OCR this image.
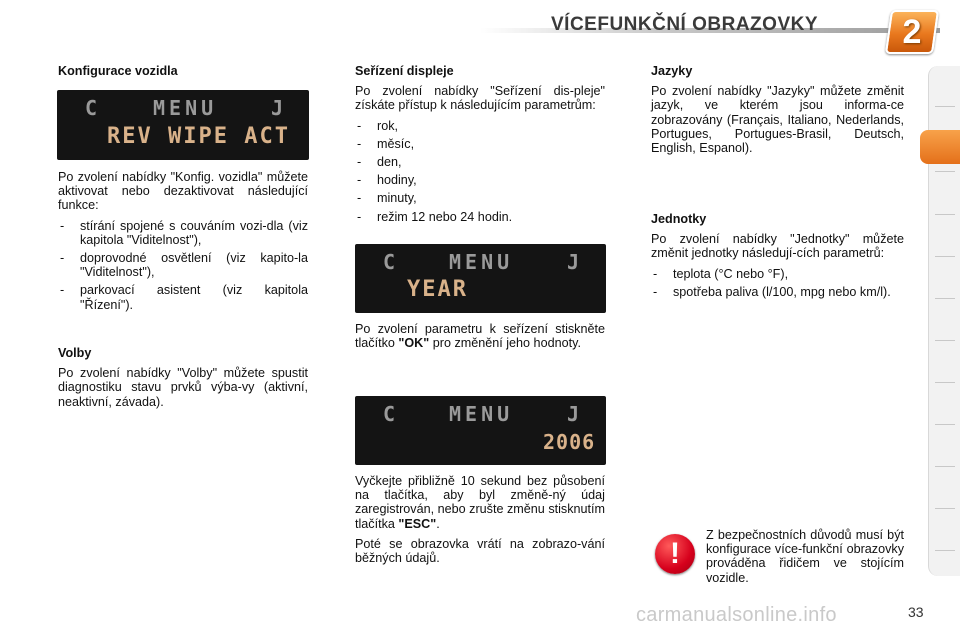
VÍCEFUNKČNÍ OBRAZOVKY	2
Konfigurace vozidla
C	MENU	J
REV WIPE ACT

Po zvolení nabídky "Konfig. vozidla" můžete aktivovat nebo dezaktivovat následující funkce:

- stírání spojené s couváním vozi-dla (viz kapitola "Viditelnost"),
- doprovodné osvětlení (viz kapito-la "Viditelnost"),
- parkovací asistent (viz kapitola "Řízení").
Volby

Po zvolení nabídky "Volby" můžete spustit diagnostiku stavu prvků výba-vy (aktivní, neaktivní, závada).

Seřízení displeje

Po zvolení nabídky "Seřízení dis-pleje" získáte přístup k následujícím parametrům:

- rok,
- měsíc,
- den,
- hodiny,
- minuty,
- režim 12 nebo 24 hodin.
C MENU	J
YEAR

Po zvolení parametru k seřízení stiskněte tlačítko "OK" pro změnění jeho hodnoty.

C MENU	J
2006

Vyčkejte přibližně 10 sekund bez působení na tlačítka, aby byl změně-ný údaj zaregistrován, nebo zrušte změnu stisknutím tlačítka "ESC".

Poté se obrazovka vrátí na zobrazo-vání běžných údajů.

Jazyky

Po zvolení nabídky "Jazyky" můžete změnit jazyk, ve kterém jsou informa-ce zobrazovány (Français, Italiano, Nederlands, Portugues, Portugues-Brasil, Deutsch, English, Espanol).

Jednotky

Po zvolení nabídky "Jednotky" můžete změnit jednotky následují-cích parametrů:

- teplota (°C nebo °F),
- spotřeba paliva (l/100, mpg nebo km/l).
!

Z bezpečnostních důvodů musí být konfigurace více-funkční obrazovky prováděna řidičem ve stojícím vozidle.

carmanualsonline.info	33
